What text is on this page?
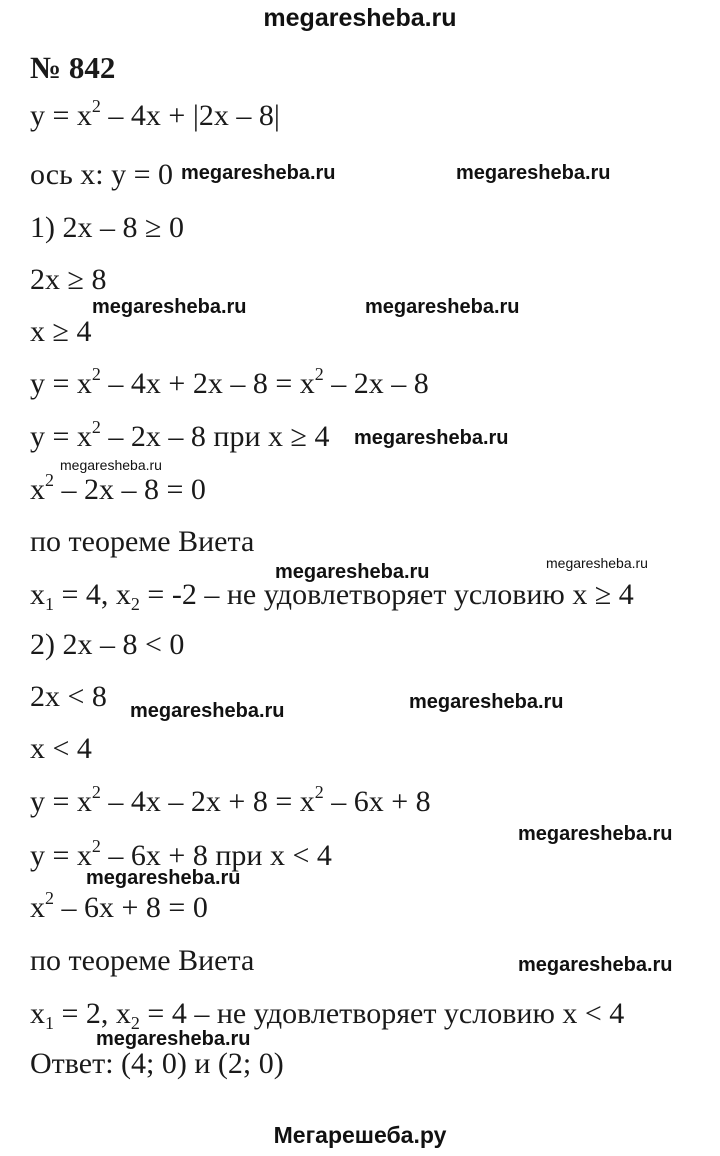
megaresheba.ru
№ 842
$y = x^2 - 4x + |2x - 8|$
ось x: y = 0
1) 2x – 8 ≥ 0
2x ≥ 8
x ≥ 4
$y = x^2 - 4x + 2x - 8 = x^2 - 2x - 8$
$y = x^2 - 2x - 8$ при x ≥ 4
$x^2 - 2x - 8 = 0$
по теореме Виета
$x_1 = 4$, $x_2 = -2$ – не удовлетворяет условию x ≥ 4
2) 2x – 8 < 0
2x < 8
x < 4
$y = x^2 - 4x - 2x + 8 = x^2 - 6x + 8$
$y = x^2 - 6x + 8$ при x < 4
$x^2 - 6x + 8 = 0$
по теореме Виета
$x_1 = 2$, $x_2 = 4$ – не удовлетворяет условию x < 4
Ответ: (4; 0) и (2; 0)
megaresheba.ru	megaresheba.ru
megaresheba.ru	megaresheba.ru
megaresheba.ru
megaresheba.ru
megaresheba.ru	megaresheba.ru
megaresheba.ru
megaresheba.ru
megaresheba.ru
megaresheba.ru
megaresheba.ru
megaresheba.ru
Мегарешеба.ру
